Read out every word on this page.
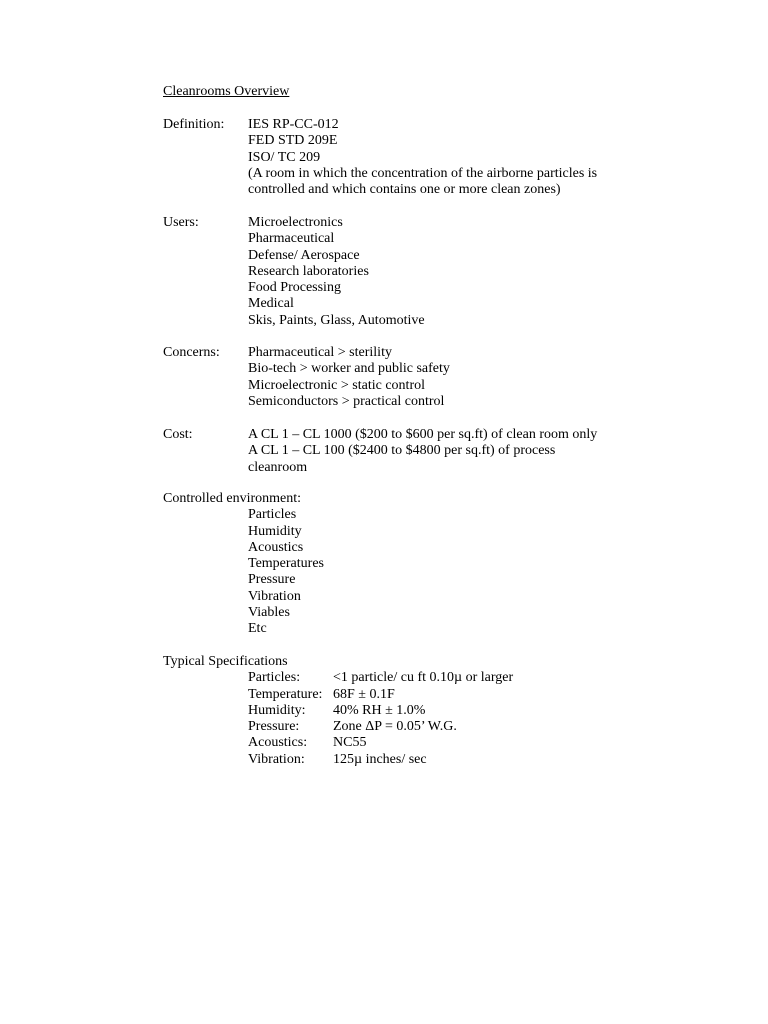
Cleanrooms Overview
Definition: IES RP-CC-012
FED STD 209E
ISO/ TC 209
(A room in which the concentration of the airborne particles is
controlled and which contains one or more clean zones)
Users:	Microelectronics
Pharmaceutical
Defense/ Aerospace
Research laboratories
Food Processing
Medical
Skis, Paints, Glass, Automotive
Concerns: Pharmaceutical > sterility
Bio-tech > worker and public safety
Microelectronic > static control
Semiconductors > practical control
Cost:	A CL 1 – CL 1000 ($200 to $600 per sq.ft) of clean room only
A CL 1 – CL 100 ($2400 to $4800 per sq.ft) of process
cleanroom
Controlled environment:
Particles
Humidity
Acoustics
Temperatures
Pressure
Vibration
Viables
Etc
Typical Specifications
Particles:	<1 particle/ cu ft 0.10µ or larger
Temperature: 68F ± 0.1F
Humidity:	40% RH ± 1.0%
Pressure:	Zone ΔP = 0.05’ W.G.
Acoustics:	NC55
Vibration:	125µ inches/ sec
